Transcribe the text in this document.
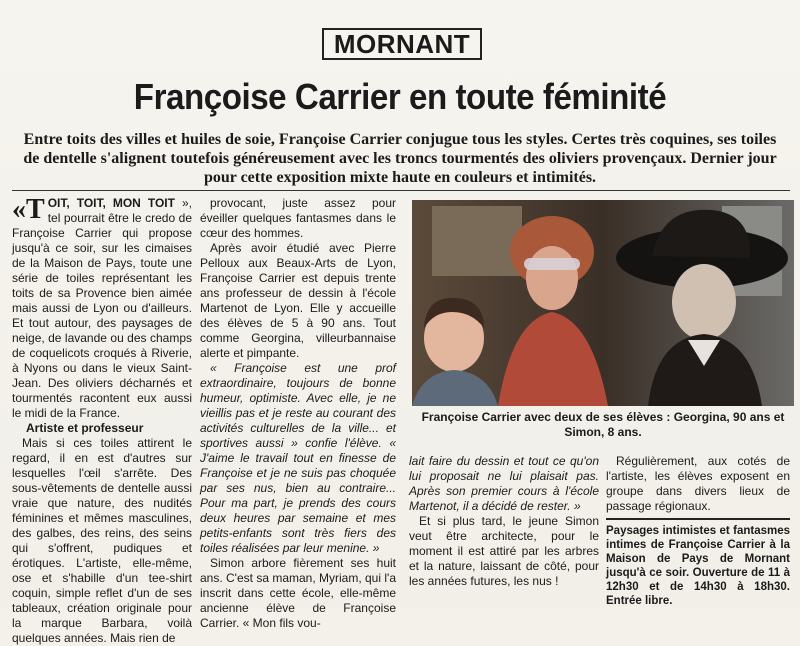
MORNANT
Françoise Carrier en toute féminité
Entre toits des villes et huiles de soie, Françoise Carrier conjugue tous les styles. Certes très coquines, ses toiles de dentelle s'alignent toutefois généreusement avec les troncs tourmentés des oliviers provençaux. Dernier jour pour cette exposition mixte haute en couleurs et intimités.

«TOIT, TOIT, MON TOIT », tel pourrait être le credo de Françoise Carrier qui propose jusqu'à ce soir, sur les cimaises de la Maison de Pays, toute une série de toiles représentant les toits de sa Provence bien aimée mais aussi de Lyon ou d'ailleurs. Et tout autour, des paysages de neige, de lavande ou des champs de coquelicots croqués à Riverie, à Nyons ou dans le vieux Saint-Jean. Des oliviers décharnés et tourmentés racontent eux aussi le midi de la France.

Artiste et professeur

Mais si ces toiles attirent le regard, il en est d'autres sur lesquelles l'œil s'arrête. Des sous-vêtements de dentelle aussi vraie que nature, des nudités féminines et mêmes masculines, des galbes, des reins, des seins qui s'offrent, pudiques et érotiques. L'artiste, elle-même, ose et s'habille d'un tee-shirt coquin, simple reflet d'un de ses tableaux, création originale pour la marque Barbara, voilà quelques années. Mais rien de

provocant, juste assez pour éveiller quelques fantasmes dans le cœur des hommes.

Après avoir étudié avec Pierre Pelloux aux Beaux-Arts de Lyon, Françoise Carrier est depuis trente ans professeur de dessin à l'école Martenot de Lyon. Elle y accueille des élèves de 5 à 90 ans. Tout comme Georgina, villeurbannaise alerte et pimpante.

« Françoise est une prof extraordinaire, toujours de bonne humeur, optimiste. Avec elle, je ne vieillis pas et je reste au courant des activités culturelles de la ville... et sportives aussi » confie l'élève. « J'aime le travail tout en finesse de Françoise et je ne suis pas choquée par ses nus, bien au contraire... Pour ma part, je prends des cours deux heures par semaine et mes petits-enfants sont très fiers des toiles réalisées par leur menine. »

Simon arbore fièrement ses huit ans. C'est sa maman, Myriam, qui l'a inscrit dans cette école, elle-même ancienne élève de Françoise Carrier. « Mon fils vou-

Françoise Carrier avec deux de ses élèves : Georgina, 90 ans et Simon, 8 ans.

lait faire du dessin et tout ce qu'on lui proposait ne lui plaisait pas. Après son premier cours à l'école Martenot, il a décidé de rester. »

Et si plus tard, le jeune Simon veut être architecte, pour le moment il est attiré par les arbres et la nature, laissant de côté, pour les années futures, les nus !

Régulièrement, aux cotés de l'artiste, les élèves exposent en groupe dans divers lieux de passage régionaux.

Paysages intimistes et fantasmes intimes de Françoise Carrier à la Maison de Pays de Mornant jusqu'à ce soir. Ouverture de 11 à 12h30 et de 14h30 à 18h30. Entrée libre.
